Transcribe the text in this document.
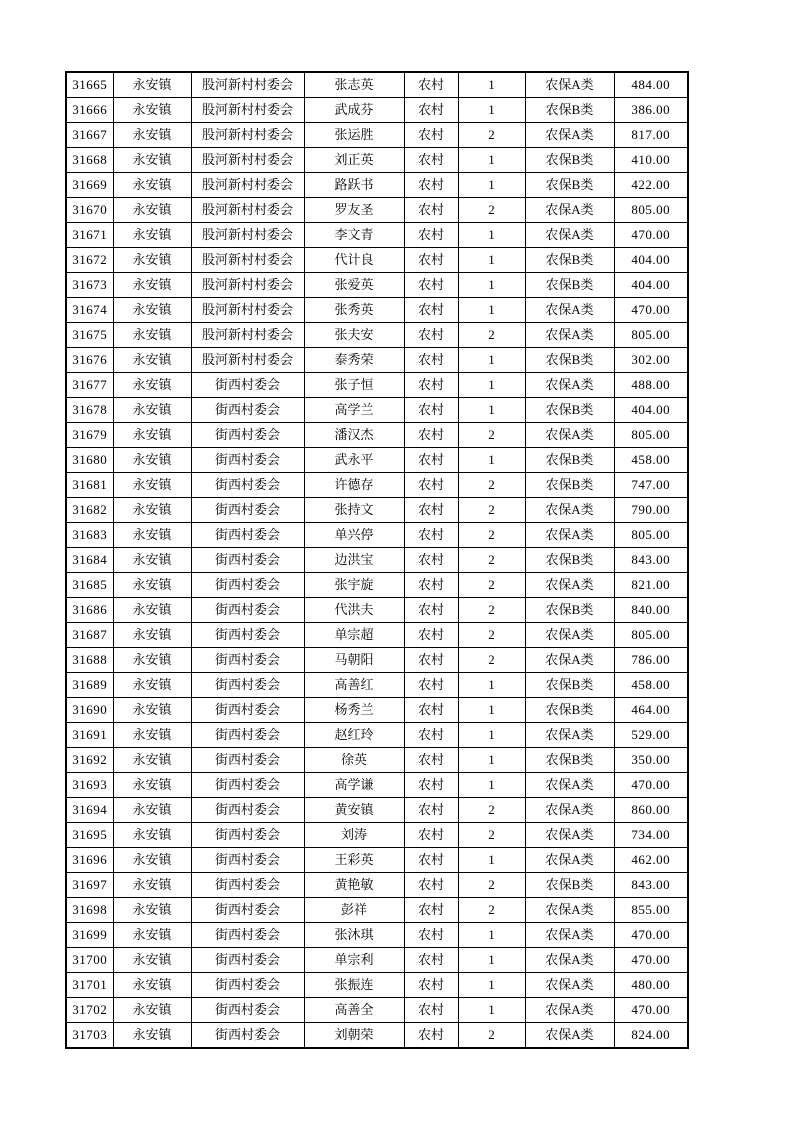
31665	永安镇	股河新村村委会	张志英	农村	1	农保A类	484.00
31666	永安镇	股河新村村委会	武成芬	农村	1	农保B类	386.00
31667	永安镇	股河新村村委会	张运胜	农村	2	农保A类	817.00
31668	永安镇	股河新村村委会	刘正英	农村	1	农保B类	410.00
31669	永安镇	股河新村村委会	路跃书	农村	1	农保B类	422.00
31670	永安镇	股河新村村委会	罗友圣	农村	2	农保A类	805.00
31671	永安镇	股河新村村委会	李文青	农村	1	农保A类	470.00
31672	永安镇	股河新村村委会	代计良	农村	1	农保B类	404.00
31673	永安镇	股河新村村委会	张爱英	农村	1	农保B类	404.00
31674	永安镇	股河新村村委会	张秀英	农村	1	农保A类	470.00
31675	永安镇	股河新村村委会	张夫安	农村	2	农保A类	805.00
31676	永安镇	股河新村村委会	泰秀荣	农村	1	农保B类	302.00
31677	永安镇	街西村委会	张子恒	农村	1	农保A类	488.00
31678	永安镇	街西村委会	高学兰	农村	1	农保B类	404.00
31679	永安镇	街西村委会	潘汉杰	农村	2	农保A类	805.00
31680	永安镇	街西村委会	武永平	农村	1	农保B类	458.00
31681	永安镇	街西村委会	许德存	农村	2	农保B类	747.00
31682	永安镇	街西村委会	张持文	农村	2	农保A类	790.00
31683	永安镇	街西村委会	单兴停	农村	2	农保A类	805.00
31684	永安镇	街西村委会	边洪宝	农村	2	农保B类	843.00
31685	永安镇	街西村委会	张宇旋	农村	2	农保A类	821.00
31686	永安镇	街西村委会	代洪夫	农村	2	农保B类	840.00
31687	永安镇	街西村委会	单宗超	农村	2	农保A类	805.00
31688	永安镇	街西村委会	马朝阳	农村	2	农保A类	786.00
31689	永安镇	街西村委会	高善红	农村	1	农保B类	458.00
31690	永安镇	街西村委会	杨秀兰	农村	1	农保B类	464.00
31691	永安镇	街西村委会	赵红玲	农村	1	农保A类	529.00
31692	永安镇	街西村委会	徐英	农村	1	农保B类	350.00
31693	永安镇	街西村委会	高学谦	农村	1	农保A类	470.00
31694	永安镇	街西村委会	黄安镇	农村	2	农保A类	860.00
31695	永安镇	街西村委会	刘涛	农村	2	农保A类	734.00
31696	永安镇	街西村委会	王彩英	农村	1	农保A类	462.00
31697	永安镇	街西村委会	黄艳敏	农村	2	农保B类	843.00
31698	永安镇	街西村委会	彭祥	农村	2	农保A类	855.00
31699	永安镇	街西村委会	张沐琪	农村	1	农保A类	470.00
31700	永安镇	街西村委会	单宗利	农村	1	农保A类	470.00
31701	永安镇	街西村委会	张振连	农村	1	农保A类	480.00
31702	永安镇	街西村委会	高善全	农村	1	农保A类	470.00
31703	永安镇	街西村委会	刘朝荣	农村	2	农保A类	824.00
